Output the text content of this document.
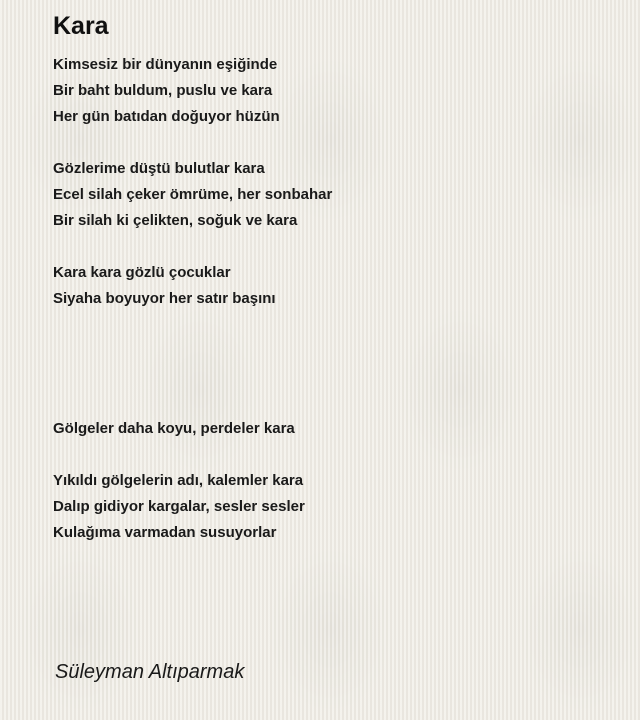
Kara
Kimsesiz bir dünyanın eşiğinde
Bir baht buldum, puslu ve kara
Her gün batıdan doğuyor hüzün
Gözlerime düştü bulutlar kara
Ecel silah çeker ömrüme, her sonbahar
Bir silah ki çelikten, soğuk ve kara
Kara kara gözlü çocuklar
Siyaha boyuyor her satır başını
Gölgeler daha koyu, perdeler kara
Yıkıldı gölgelerin adı, kalemler kara
Dalıp gidiyor kargalar, sesler sesler
Kulağıma varmadan susuyorlar
Süleyman Altıparmak
